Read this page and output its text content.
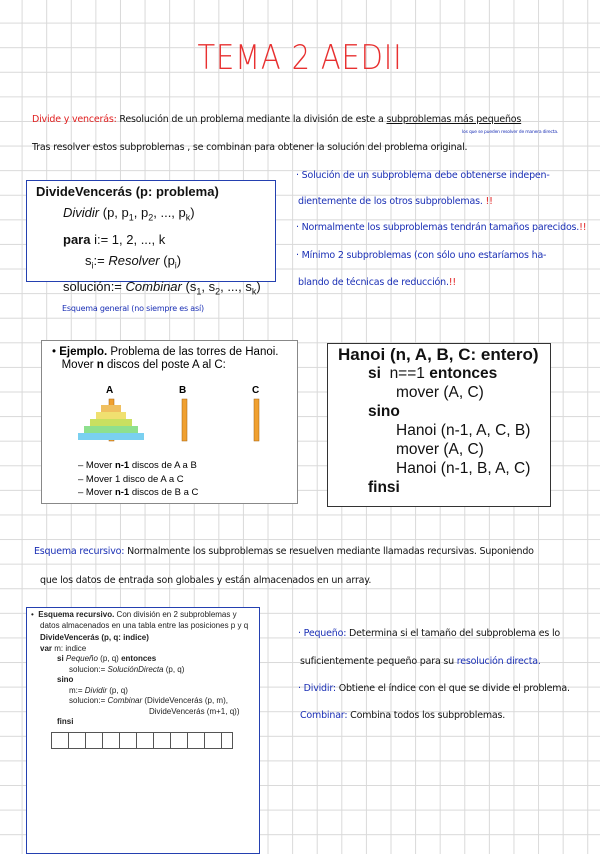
TEMA 2 AEDII
Divide y vencerás: Resolución de un problema mediante la división de este a subproblemas más pequeños
los que se pueden resolver de manera directa.
Tras resolver estos subproblemas , se combinan para obtener la solución del problema original.
DivideVencerás (p: problema)
Dividir (p, $p_1$, $p_2$, ..., $p_k$)
para i:= 1, 2, ..., k
$s_i:=$ Resolver $(p_i)$
solución:= Combinar ($s_1$, $s_2$, ..., $s_k$)
· Solución de un subproblema debe obtenerse indepen-
dientemente de los otros subproblemas. !!
· Normalmente los subproblemas tendrán tamaños parecidos.!!
· Mínimo 2 subproblemas (con sólo uno estaríamos ha-
blando de técnicas de reducción.!!
Esquema general (no siempre es así)
• Ejemplo. Problema de las torres de Hanoi.
Mover n discos del poste A al C:
A	B	C
– Mover n-1 discos de A a B
– Mover 1 disco de A a C
– Mover n-1 discos de B a C
Hanoi (n, A, B, C: entero)
si n==1 entonces
mover (A, C)
sino
Hanoi (n-1, A, C, B)
mover (A, C)
Hanoi (n-1, B, A, C)
finsi
Esquema recursivo: Normalmente los subproblemas se resuelven mediante llamadas recursivas. Suponiendo
que los datos de entrada son globales y están almacenados en un array.
• Esquema recursivo. Con división en 2 subproblemas y
datos almacenados en una tabla entre las posiciones p y q
DivideVencerás (p, q: indice)
var m: indice
si Pequeño (p, q) entonces
solucion:= SoluciónDirecta (p, q)
sino
m:= Dividir (p, q)
solucion:= Combinar (DivideVencerás (p, m),
DivideVencerás (m+1, q))
finsi
· Pequeño: Determina si el tamaño del subproblema es lo
suficientemente pequeño para su resolución directa.
· Dividir: Obtiene el índice con el que se divide el problema.
Combinar: Combina todos los subproblemas.
